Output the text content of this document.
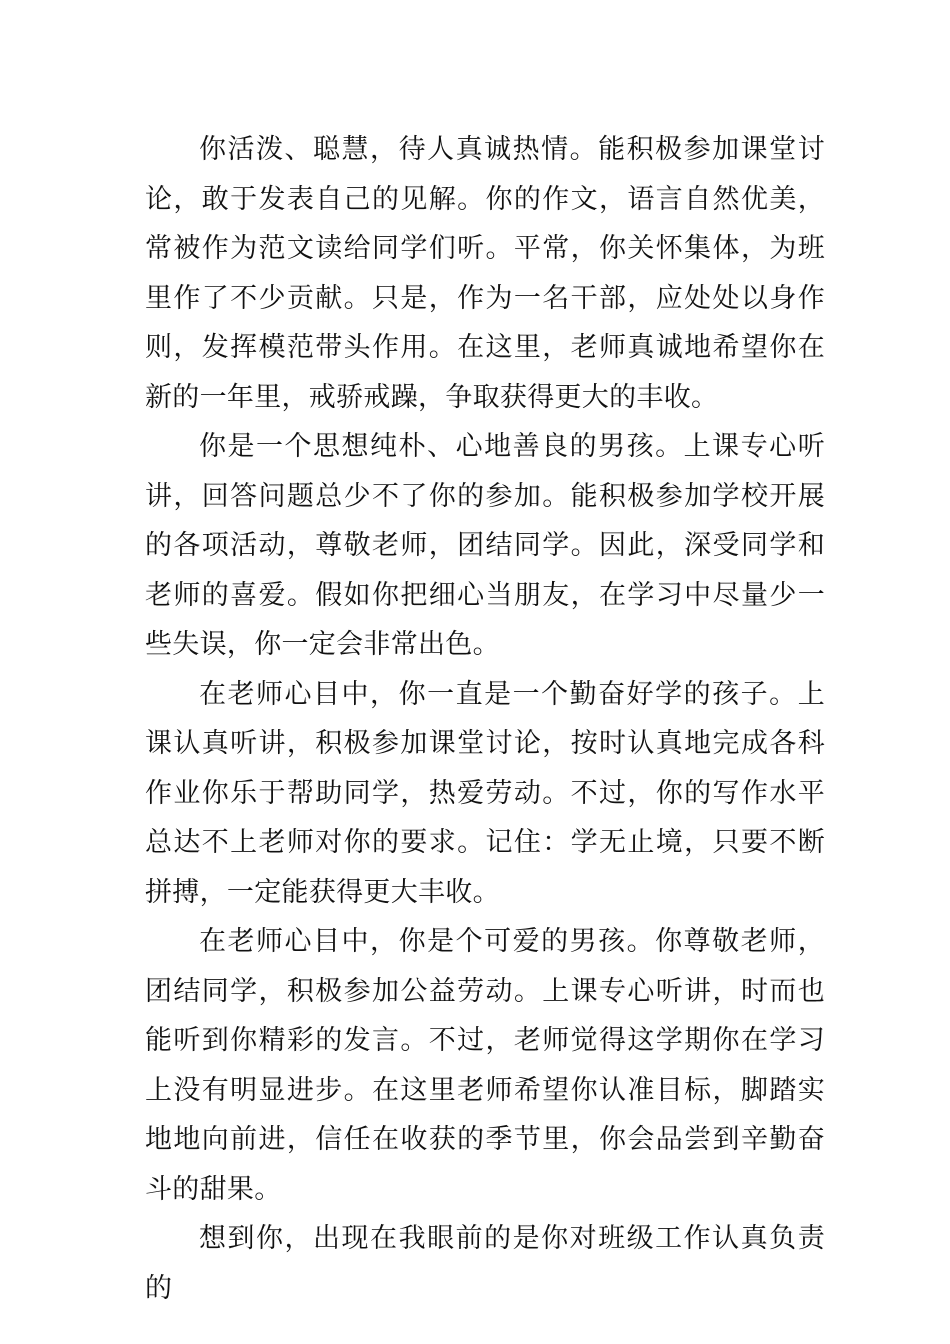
你活泼、聪慧，待人真诚热情。能积极参加课堂讨论，敢于发表自己的见解。你的作文，语言自然优美，常被作为范文读给同学们听。平常，你关怀集体，为班里作了不少贡献。只是，作为一名干部，应处处以身作则，发挥模范带头作用。在这里，老师真诚地希望你在新的一年里，戒骄戒躁，争取获得更大的丰收。

你是一个思想纯朴、心地善良的男孩。上课专心听讲，回答问题总少不了你的参加。能积极参加学校开展的各项活动，尊敬老师，团结同学。因此，深受同学和老师的喜爱。假如你把细心当朋友，在学习中尽量少一些失误，你一定会非常出色。

在老师心目中，你一直是一个勤奋好学的孩子。上课认真听讲，积极参加课堂讨论，按时认真地完成各科作业你乐于帮助同学，热爱劳动。不过，你的写作水平总达不上老师对你的要求。记住：学无止境，只要不断拼搏，一定能获得更大丰收。

在老师心目中，你是个可爱的男孩。你尊敬老师，团结同学，积极参加公益劳动。上课专心听讲，时而也能听到你精彩的发言。不过，老师觉得这学期你在学习上没有明显进步。在这里老师希望你认准目标，脚踏实地地向前进，信任在收获的季节里，你会品尝到辛勤奋斗的甜果。

想到你，出现在我眼前的是你对班级工作认真负责的
